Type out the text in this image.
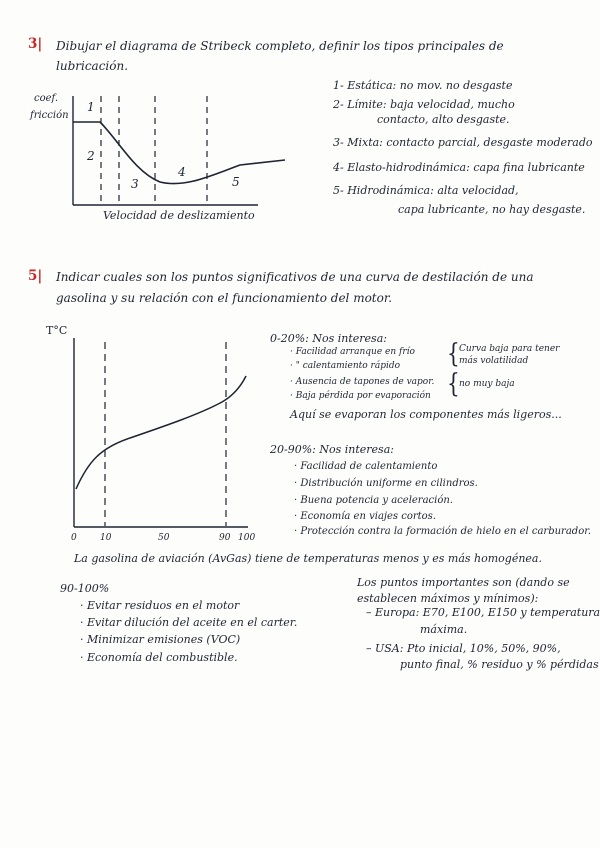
3| Dibujar el diagrama de Stribeck completo, definir los tipos principales de
lubricación.
coef.
fricción
1
2
3
4
5
Velocidad de deslizamiento
1- Estática: no mov. no desgaste
2- Límite: baja velocidad, mucho
contacto, alto desgaste.
3- Mixta: contacto parcial, desgaste moderado
4- Elasto-hidrodinámica: capa fina lubricante
5- Hidrodinámica: alta velocidad,
capa lubricante, no hay desgaste.
5| Indicar cuales son los puntos significativos de una curva de destilación de una
gasolina y su relación con el funcionamiento del motor.
T°C
0	10	50	90 100
0-20%: Nos interesa:
· Facilidad arranque en frío
· " calentamiento rápido { Curva baja para tener
más volatilidad
· Ausencia de tapones de vapor.
· Baja pérdida por evaporación { no muy baja
Aquí se evaporan los componentes más ligeros...
20-90%: Nos interesa:
· Facilidad de calentamiento
· Distribución uniforme en cilindros.
· Buena potencia y aceleración.
· Economía en viajes cortos.
· Protección contra la formación de hielo en el carburador.
La gasolina de aviación (AvGas) tiene de temperaturas menos y es más homogénea.
90-100%
· Evitar residuos en el motor
· Evitar dilución del aceite en el carter.
· Minimizar emisiones (VOC)
· Economía del combustible.
Los puntos importantes son (dando se
establecen máximos y mínimos):
– Europa: E70, E100, E150 y temperatura
máxima.
– USA: Pto inicial, 10%, 50%, 90%,
punto final, % residuo y % pérdidas
